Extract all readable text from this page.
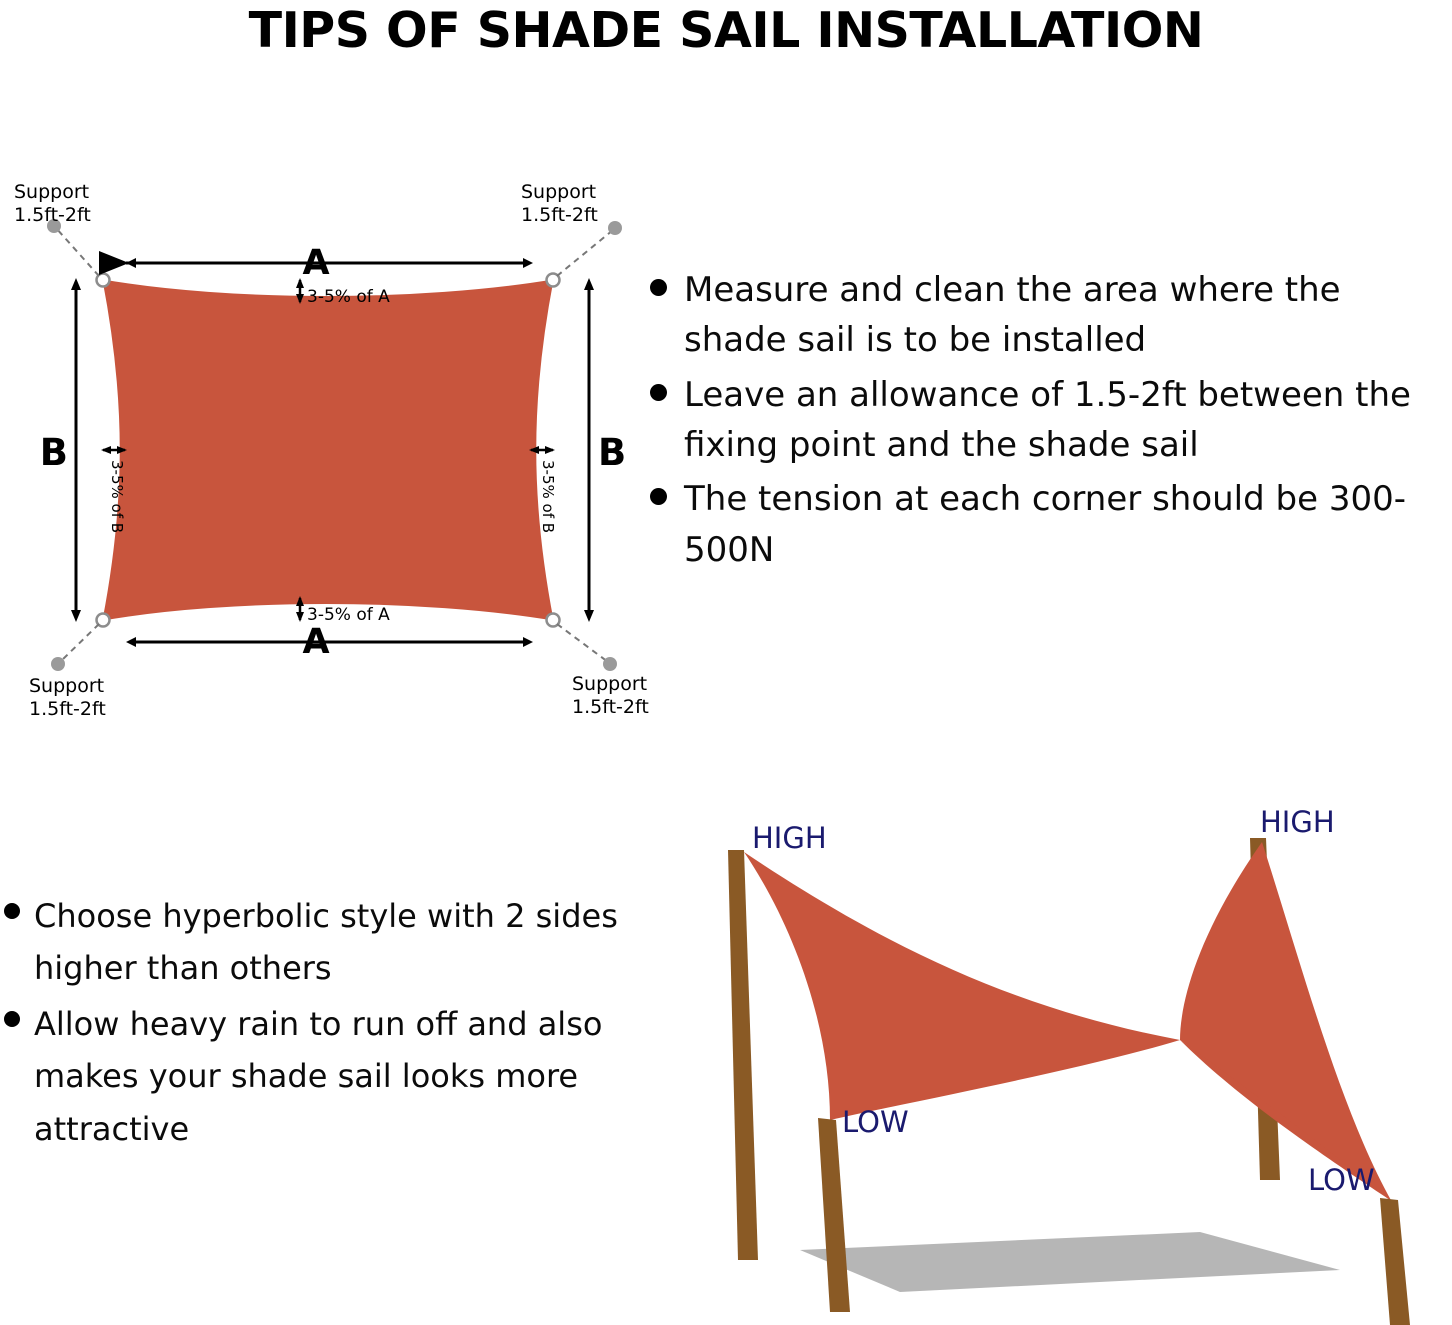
TIPS OF SHADE SAIL INSTALLATION
Support
1.5ft-2ft
Support
1.5ft-2ft
Support
1.5ft-2ft
Support
1.5ft-2ft
A
A
B	B
3-5% of A
3-5% of A
3-5% of B	3-5% of B
Measure and clean the area where the shade sail is to be installed
Leave an allowance of 1.5-2ft between the fixing point and the shade sail
The tension at each corner should be 300-500N
Choose hyperbolic style with 2 sides higher than others
Allow heavy rain to run off and also makes your shade sail looks more attractive
HIGH	HIGH
LOW
LOW
